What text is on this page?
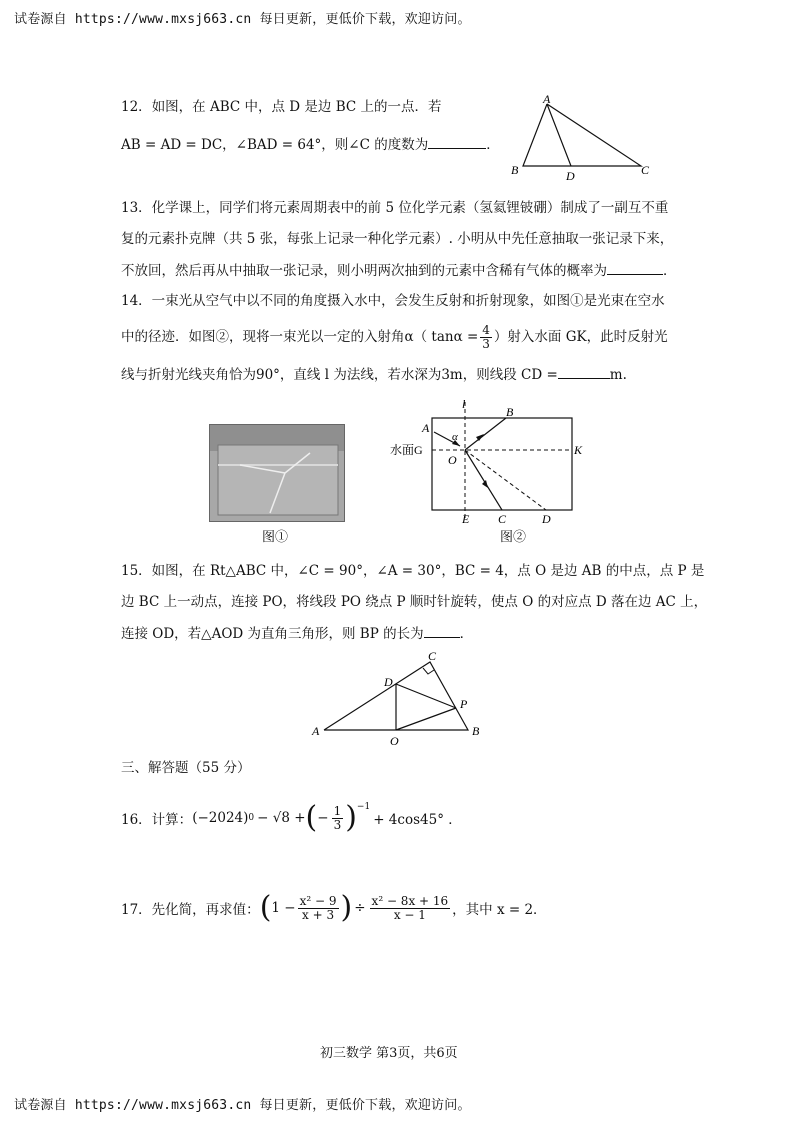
试卷源自 https://www.mxsj663.cn 每日更新，更低价下载，欢迎访问。
12．如图，在 ABC 中，点 D 是边 BC 上的一点．若
AB = AD = DC，∠BAD = 64°，则∠C 的度数为	．
A
B	C
D
13．化学课上，同学们将元素周期表中的前 5 位化学元素（氢氦锂铍硼）制成了一副互不重
复的元素扑克牌（共 5 张，每张上记录一种化学元素）. 小明从中先任意抽取一张记录下来，
不放回，然后再从中抽取一张记录，则小明两次抽到的元素中含稀有气体的概率为	．
14．一束光从空气中以不同的角度摄入水中，会发生反射和折射现象，如图①是光束在空水
中的径迹．如图②，现将一束光以一定的入射角α（ $\tan\alpha = \frac{4}{3}$ ）射入水面 GK，此时反射光
线与折射光线夹角恰为90°，直线 l 为法线，若水深为3m，则线段 CD =	m.
图①
l
B
A
α
水面G
O
K
E C	D
图②
15．如图，在 Rt△ABC 中，∠C = 90°，∠A = 30°，BC = 4，点 O 是边 AB 的中点，点 P 是
边 BC 上一动点，连接 PO，将线段 PO 绕点 P 顺时针旋转，使点 O 的对应点 D 落在边 AC 上，
连接 OD，若△AOD 为直角三角形，则 BP 的长为	．
A	B
C
D
O
P
三、解答题（55 分）
16．计算： (−2024) 0 − √8 + ( − $\frac{1}{3} )^{-1}$
+ 4cos45° ．
17．先化简，再求值： ( $1 - \frac{\text{x² − 9}}{x + 3}$ ) ÷ $\frac{\text{x² − 8x + 16}}{x - 1}$ ，其中 x = 2．
初三数学 第3页，共6页
试卷源自 https://www.mxsj663.cn 每日更新，更低价下载，欢迎访问。
